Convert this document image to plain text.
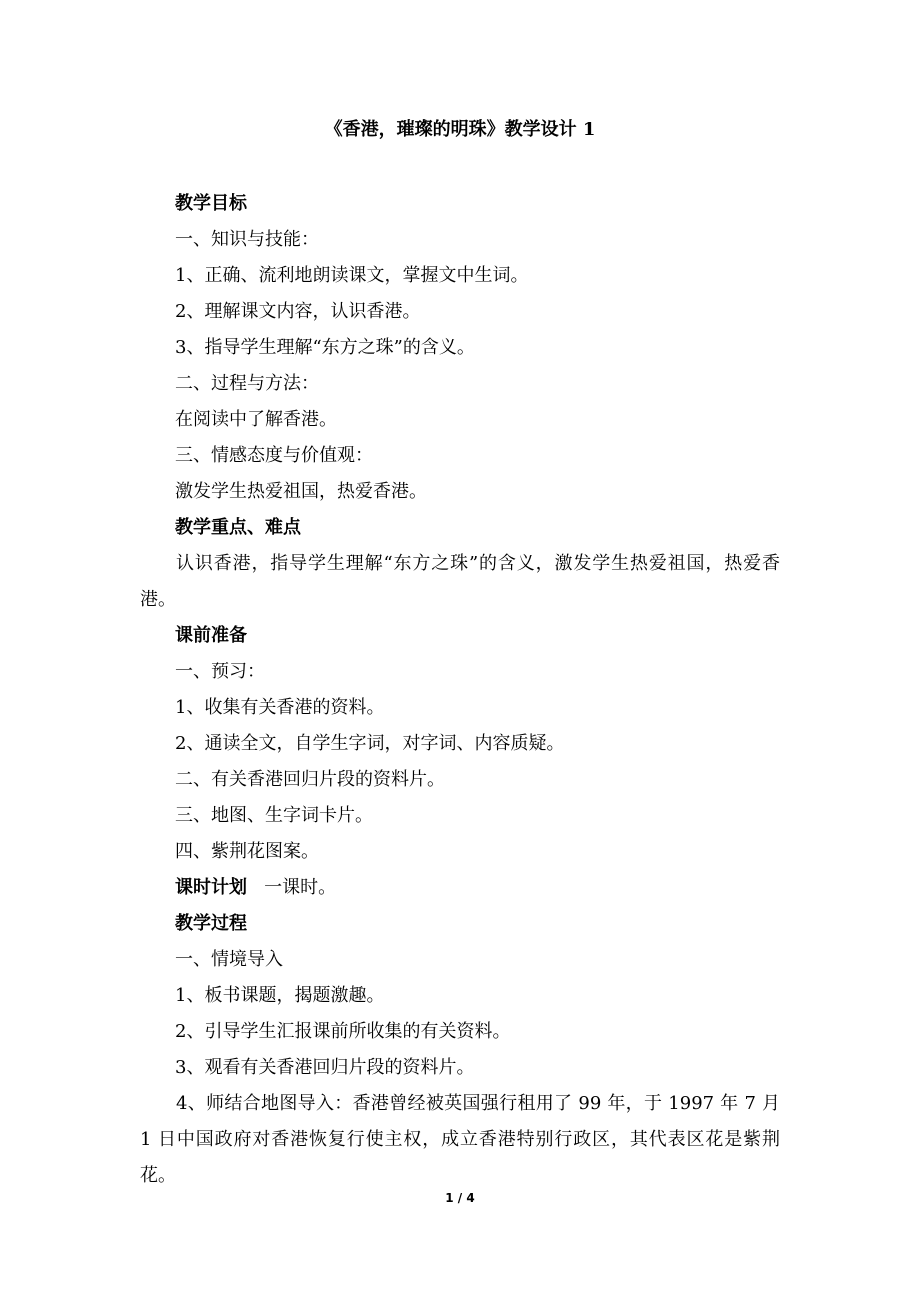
《香港，璀璨的明珠》教学设计 1
教学目标
一、知识与技能：
1、正确、流利地朗读课文，掌握文中生词。
2、理解课文内容，认识香港。
3、指导学生理解“东方之珠”的含义。
二、过程与方法：
在阅读中了解香港。
三、情感态度与价值观：
激发学生热爱祖国，热爱香港。
教学重点、难点
认识香港，指导学生理解“东方之珠”的含义，激发学生热爱祖国，热爱香港。
课前准备
一、预习：
1、收集有关香港的资料。
2、通读全文，自学生字词，对字词、内容质疑。
二、有关香港回归片段的资料片。
三、地图、生字词卡片。
四、紫荆花图案。
课时计划 一课时。
教学过程
一、情境导入
1、板书课题，揭题激趣。
2、引导学生汇报课前所收集的有关资料。
3、观看有关香港回归片段的资料片。
4、师结合地图导入：香港曾经被英国强行租用了 99 年，于 1997 年 7 月 1 日中国政府对香港恢复行使主权，成立香港特别行政区，其代表区花是紫荆花。
1 / 4
